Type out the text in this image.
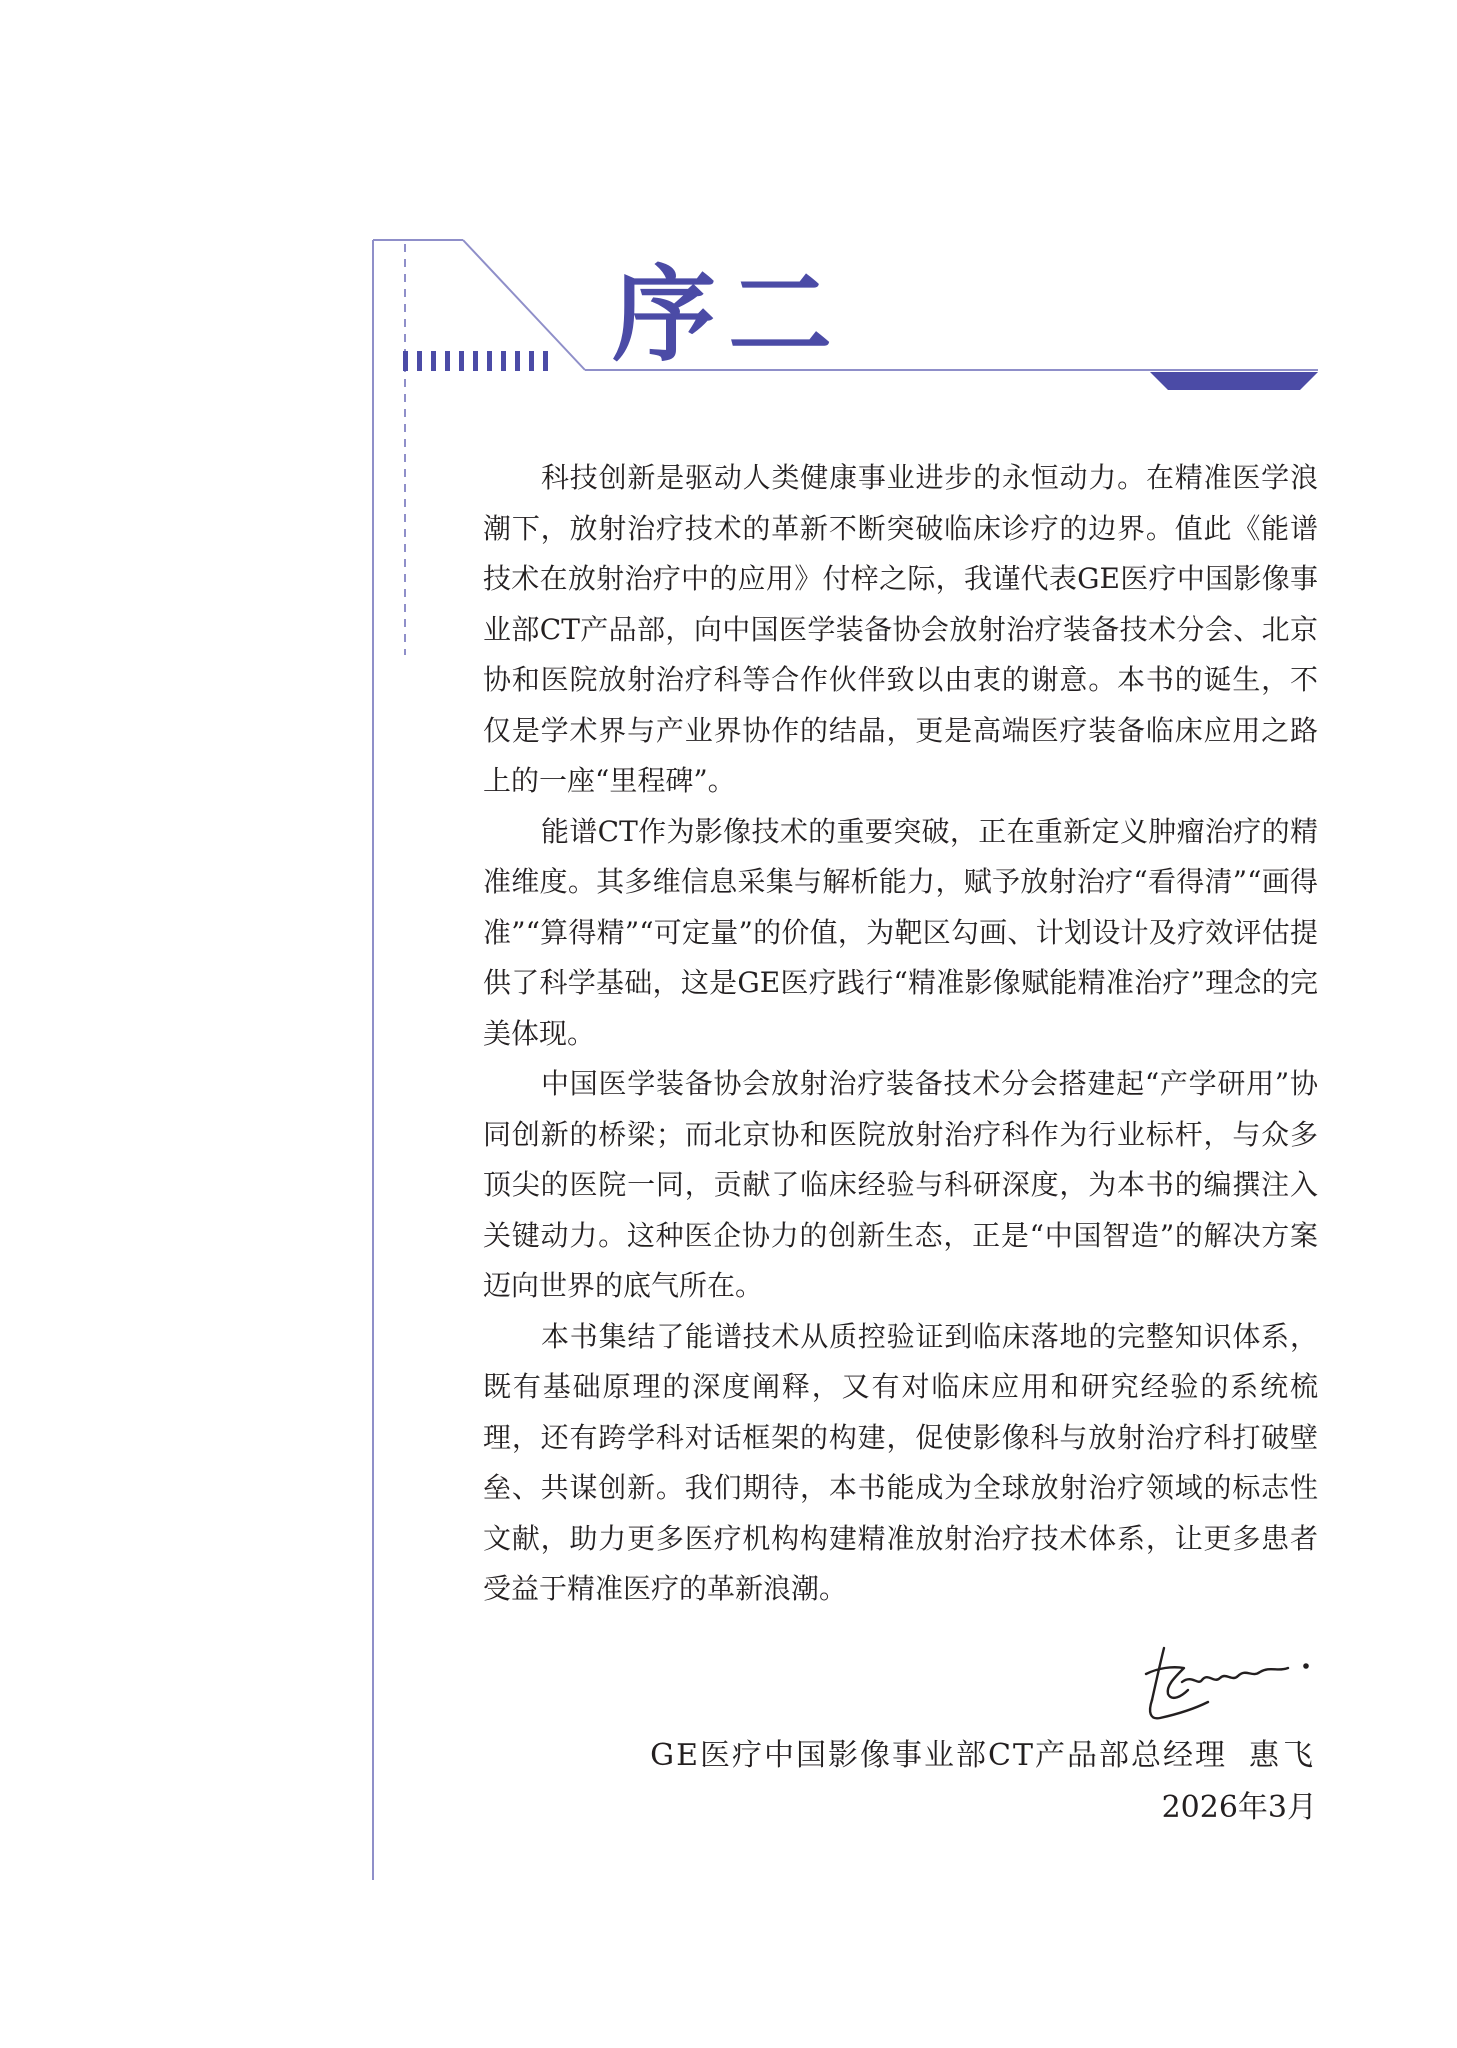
序二

科技创新是驱动人类健康事业进步的永恒动力。在精准医学浪潮下，放射治疗技术的革新不断突破临床诊疗的边界。值此《能谱技术在放射治疗中的应用》付梓之际，我谨代表GE医疗中国影像事业部CT产品部，向中国医学装备协会放射治疗装备技术分会、北京协和医院放射治疗科等合作伙伴致以由衷的谢意。本书的诞生，不仅是学术界与产业界协作的结晶，更是高端医疗装备临床应用之路上的一座“里程碑”。

能谱CT作为影像技术的重要突破，正在重新定义肿瘤治疗的精准维度。其多维信息采集与解析能力，赋予放射治疗“看得清”“画得准”“算得精”“可定量”的价值，为靶区勾画、计划设计及疗效评估提供了科学基础，这是GE医疗践行“精准影像赋能精准治疗”理念的完美体现。

中国医学装备协会放射治疗装备技术分会搭建起“产学研用”协同创新的桥梁；而北京协和医院放射治疗科作为行业标杆，与众多顶尖的医院一同，贡献了临床经验与科研深度，为本书的编撰注入关键动力。这种医企协力的创新生态，正是“中国智造”的解决方案迈向世界的底气所在。

本书集结了能谱技术从质控验证到临床落地的完整知识体系，既有基础原理的深度阐释，又有对临床应用和研究经验的系统梳理，还有跨学科对话框架的构建，促使影像科与放射治疗科打破壁垒、共谋创新。我们期待，本书能成为全球放射治疗领域的标志性文献，助力更多医疗机构构建精准放射治疗技术体系，让更多患者受益于精准医疗的革新浪潮。

GE医疗中国影像事业部CT产品部总经理 惠飞
2026年3月
